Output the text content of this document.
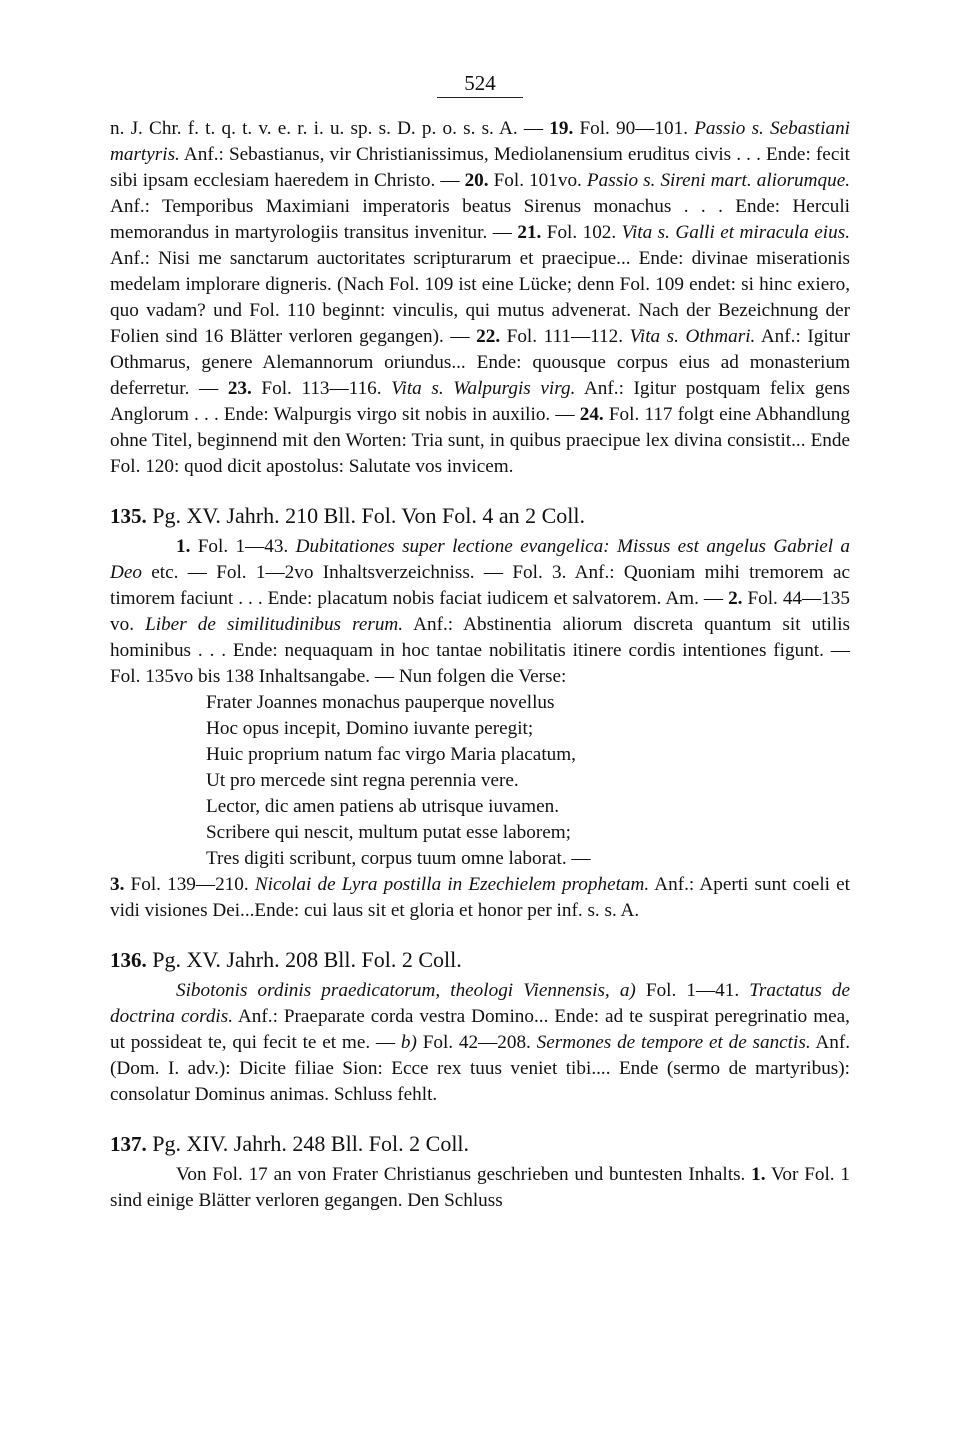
524

n. J. Chr. f. t. q. t. v. e. r. i. u. sp. s. D. p. o. s. s. A. — 19. Fol. 90—101. Passio s. Sebastiani martyris. Anf.: Sebastianus, vir Christianissimus, Mediolanensium eruditus civis . . . Ende: fecit sibi ipsam ecclesiam haeredem in Christo. — 20. Fol. 101vo. Passio s. Sireni mart. aliorumque. Anf.: Temporibus Maximiani imperatoris beatus Sirenus monachus . . . Ende: Herculi memorandus in martyrologiis transitus invenitur. — 21. Fol. 102. Vita s. Galli et miracula eius. Anf.: Nisi me sanctarum auctoritates scripturarum et praecipue... Ende: divinae miserationis medelam implorare digneris. (Nach Fol. 109 ist eine Lücke; denn Fol. 109 endet: si hinc exiero, quo vadam? und Fol. 110 beginnt: vinculis, qui mutus advenerat. Nach der Bezeichnung der Folien sind 16 Blätter verloren gegangen). — 22. Fol. 111—112. Vita s. Othmari. Anf.: Igitur Othmarus, genere Alemannorum oriundus... Ende: quousque corpus eius ad monasterium deferretur. — 23. Fol. 113—116. Vita s. Walpurgis virg. Anf.: Igitur postquam felix gens Anglorum . . . Ende: Walpurgis virgo sit nobis in auxilio. — 24. Fol. 117 folgt eine Abhandlung ohne Titel, beginnend mit den Worten: Tria sunt, in quibus praecipue lex divina consistit... Ende Fol. 120: quod dicit apostolus: Salutate vos invicem.

135. Pg. XV. Jahrh. 210 Bll. Fol. Von Fol. 4 an 2 Coll.

1. Fol. 1—43. Dubitationes super lectione evangelica: Missus est angelus Gabriel a Deo etc. — Fol. 1—2vo Inhaltsverzeichniss. — Fol. 3. Anf.: Quoniam mihi tremorem ac timorem faciunt . . . Ende: placatum nobis faciat iudicem et salvatorem. Am. — 2. Fol. 44—135 vo. Liber de similitudinibus rerum. Anf.: Abstinentia aliorum discreta quantum sit utilis hominibus . . . Ende: nequaquam in hoc tantae nobilitatis itinere cordis intentiones figunt. — Fol. 135vo bis 138 Inhaltsangabe. — Nun folgen die Verse:

Frater Joannes monachus pauperque novellus
Hoc opus incepit, Domino iuvante peregit;
Huic proprium natum fac virgo Maria placatum,
Ut pro mercede sint regna perennia vere.
Lector, dic amen patiens ab utrisque iuvamen.
Scribere qui nescit, multum putat esse laborem;
Tres digiti scribunt, corpus tuum omne laborat. —

3. Fol. 139—210. Nicolai de Lyra postilla in Ezechielem prophetam. Anf.: Aperti sunt coeli et vidi visiones Dei...Ende: cui laus sit et gloria et honor per inf. s. s. A.

136. Pg. XV. Jahrh. 208 Bll. Fol. 2 Coll.

Sibotonis ordinis praedicatorum, theologi Viennensis, a) Fol. 1—41. Tractatus de doctrina cordis. Anf.: Praeparate corda vestra Domino... Ende: ad te suspirat peregrinatio mea, ut possideat te, qui fecit te et me. — b) Fol. 42—208. Sermones de tempore et de sanctis. Anf. (Dom. I. adv.): Dicite filiae Sion: Ecce rex tuus veniet tibi.... Ende (sermo de martyribus): consolatur Dominus animas. Schluss fehlt.

137. Pg. XIV. Jahrh. 248 Bll. Fol. 2 Coll.

Von Fol. 17 an von Frater Christianus geschrieben und buntesten Inhalts. 1. Vor Fol. 1 sind einige Blätter verloren gegangen. Den Schluss
